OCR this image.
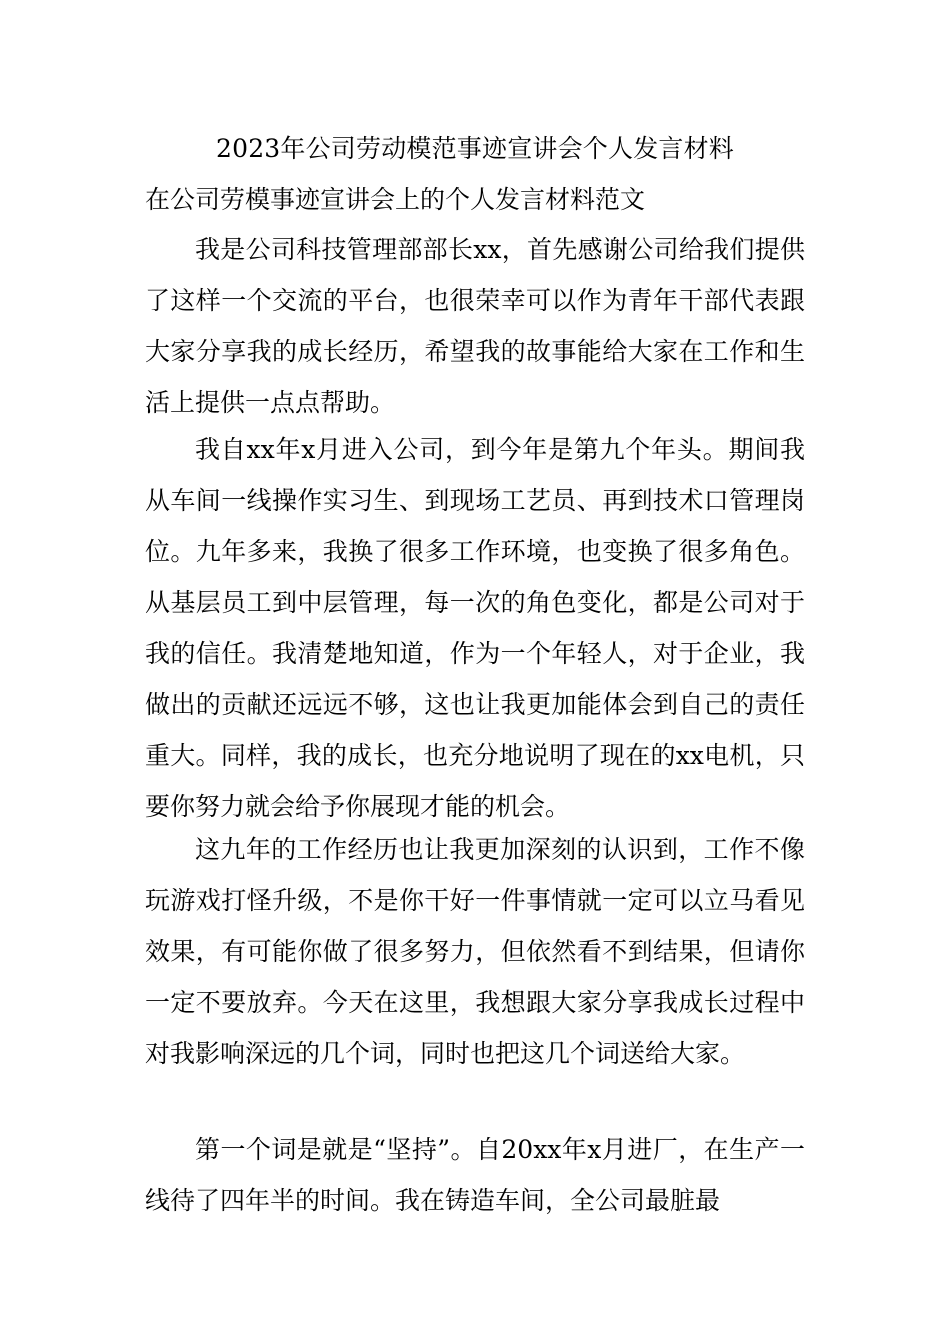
2023年公司劳动模范事迹宣讲会个人发言材料
在公司劳模事迹宣讲会上的个人发言材料范文

我是公司科技管理部部长xx，首先感谢公司给我们提供了这样一个交流的平台，也很荣幸可以作为青年干部代表跟大家分享我的成长经历，希望我的故事能给大家在工作和生活上提供一点点帮助。

我自xx年x月进入公司，到今年是第九个年头。期间我从车间一线操作实习生、到现场工艺员、再到技术口管理岗位。九年多来，我换了很多工作环境，也变换了很多角色。从基层员工到中层管理，每一次的角色变化，都是公司对于我的信任。我清楚地知道，作为一个年轻人，对于企业，我做出的贡献还远远不够，这也让我更加能体会到自己的责任重大。同样，我的成长，也充分地说明了现在的xx电机，只要你努力就会给予你展现才能的机会。

这九年的工作经历也让我更加深刻的认识到，工作不像玩游戏打怪升级，不是你干好一件事情就一定可以立马看见效果，有可能你做了很多努力，但依然看不到结果，但请你一定不要放弃。今天在这里，我想跟大家分享我成长过程中对我影响深远的几个词，同时也把这几个词送给大家。

第一个词是就是“坚持”。自20xx年x月进厂，在生产一线待了四年半的时间。我在铸造车间，全公司最脏最
